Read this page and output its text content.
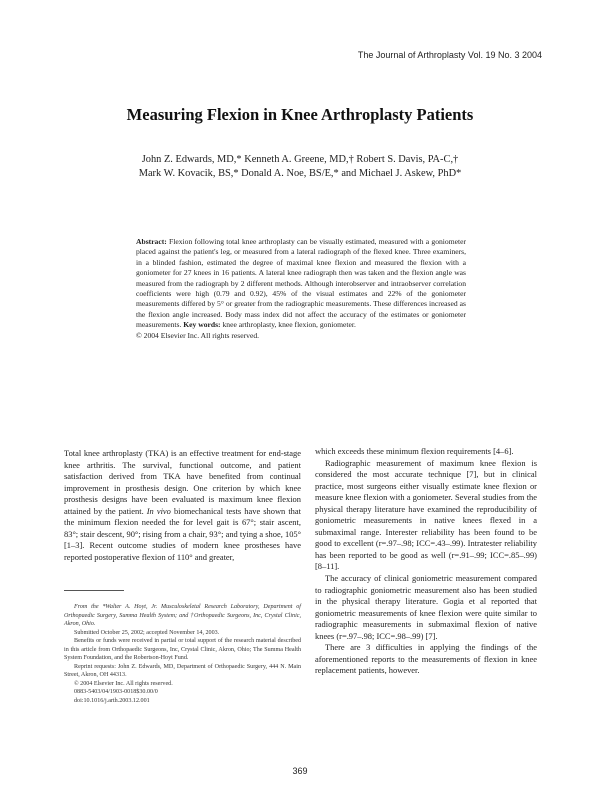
The Journal of Arthroplasty Vol. 19 No. 3 2004
Measuring Flexion in Knee Arthroplasty Patients
John Z. Edwards, MD,* Kenneth A. Greene, MD,† Robert S. Davis, PA-C,†
Mark W. Kovacik, BS,* Donald A. Noe, BS/E,* and Michael J. Askew, PhD*

Abstract: Flexion following total knee arthroplasty can be visually estimated, measured with a goniometer placed against the patient's leg, or measured from a lateral radiograph of the flexed knee. Three examiners, in a blinded fashion, estimated the degree of maximal knee flexion and measured the flexion with a goniometer for 27 knees in 16 patients. A lateral knee radiograph then was taken and the flexion angle was measured from the radiograph by 2 different methods. Although interobserver and intraobserver correlation coefficients were high (0.79 and 0.92), 45% of the visual estimates and 22% of the goniometer measurements differed by 5° or greater from the radiographic measurements. These differences increased as the flexion angle increased. Body mass index did not affect the accuracy of the estimates or goniometer measurements. Key words: knee arthroplasty, knee flexion, goniometer.

© 2004 Elsevier Inc. All rights reserved.

Total knee arthroplasty (TKA) is an effective treatment for end-stage knee arthritis. The survival, functional outcome, and patient satisfaction derived from TKA have benefited from continual improvement in prosthesis design. One criterion by which knee prosthesis designs have been evaluated is maximum knee flexion attained by the patient. In vivo biomechanical tests have shown that the minimum flexion needed the for level gait is 67°; stair ascent, 83°; stair descent, 90°; rising from a chair, 93°; and tying a shoe, 105° [1–3]. Recent outcome studies of modern knee prostheses have reported postoperative flexion of 110° and greater,

From the *Walter A. Hoyt, Jr. Musculoskeletal Research Laboratory, Department of Orthopaedic Surgery, Summa Health System; and †Orthopaedic Surgeons, Inc, Crystal Clinic, Akron, Ohio.

Submitted October 25, 2002; accepted November 14, 2003.

Benefits or funds were received in partial or total support of the research material described in this article from Orthopaedic Surgeons, Inc, Crystal Clinic, Akron, Ohio; The Summa Health System Foundation, and the Robertson-Hoyt Fund.

Reprint requests: John Z. Edwards, MD, Department of Orthopaedic Surgery, 444 N. Main Street, Akron, OH 44313.

© 2004 Elsevier Inc. All rights reserved.

0883-5403/04/1903-0018$30.00/0

doi:10.1016/j.arth.2003.12.001

which exceeds these minimum flexion requirements [4–6].

Radiographic measurement of maximum knee flexion is considered the most accurate technique [7], but in clinical practice, most surgeons either visually estimate knee flexion or measure knee flexion with a goniometer. Several studies from the physical therapy literature have examined the reproducibility of goniometric measurements in native knees flexed in a submaximal range. Interester reliability has been found to be good to excellent (r=.97–.98; ICC=.43–.99). Intratester reliability has been reported to be good as well (r=.91–.99; ICC=.85–.99) [8–11].

The accuracy of clinical goniometric measurement compared to radiographic goniometric measurement also has been studied in the physical therapy literature. Gogia et al reported that goniometric measurements of knee flexion were quite similar to radiographic measurements in submaximal flexion of native knees (r=.97–.98; ICC=.98–.99) [7].

There are 3 difficulties in applying the findings of the aforementioned reports to the measurements of flexion in knee replacement patients, however.

369
